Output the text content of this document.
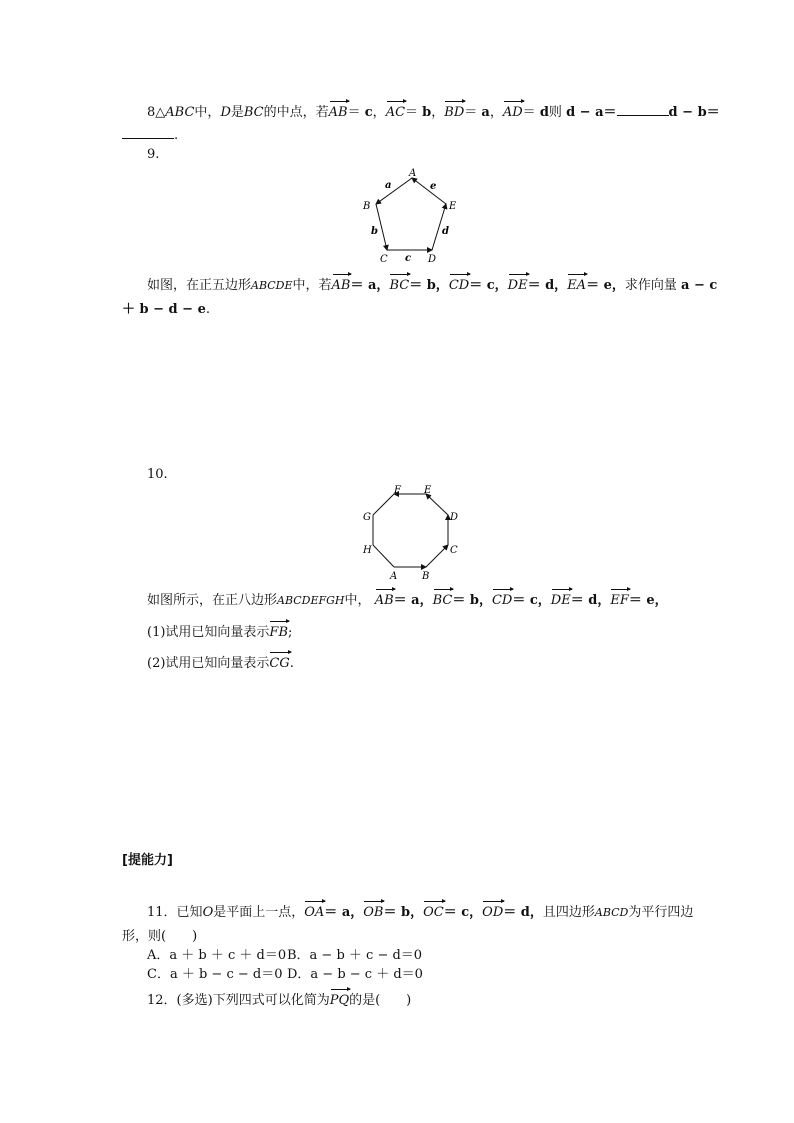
8△ABC中，D是BC的中点，若AB＝ c，AC＝ b，BD＝ a，AD＝ d则 d − a＝	d − b＝
.
9.
A
B
C	D
E
a
b
c
d
e
如图，在正五边形ABCDE中，若AB＝ a，BC＝ b，CD＝ c，DE＝ d，EA＝ e，求作向量 a − c
＋ b − d − e.
10.
A B
C
D
E
F
G
H
如图所示，在正八边形ABCDEFGH中， AB＝ a，BC＝ b，CD＝ c，DE＝ d，EF＝ e，
(1)试用已知向量表示FB;
(2)试用已知向量表示CG.
[提能力]
11．已知O是平面上一点，OA＝ a，OB＝ b，OC＝ c，OD＝ d，且四边形ABCD为平行四边
形，则(　　)
A．a ＋ b ＋ c ＋ d＝0 B．a − b ＋ c − d＝0
C．a ＋ b − c − d＝0 D．a − b − c ＋ d＝0
12．(多选)下列四式可以化简为PQ的是(　　)
